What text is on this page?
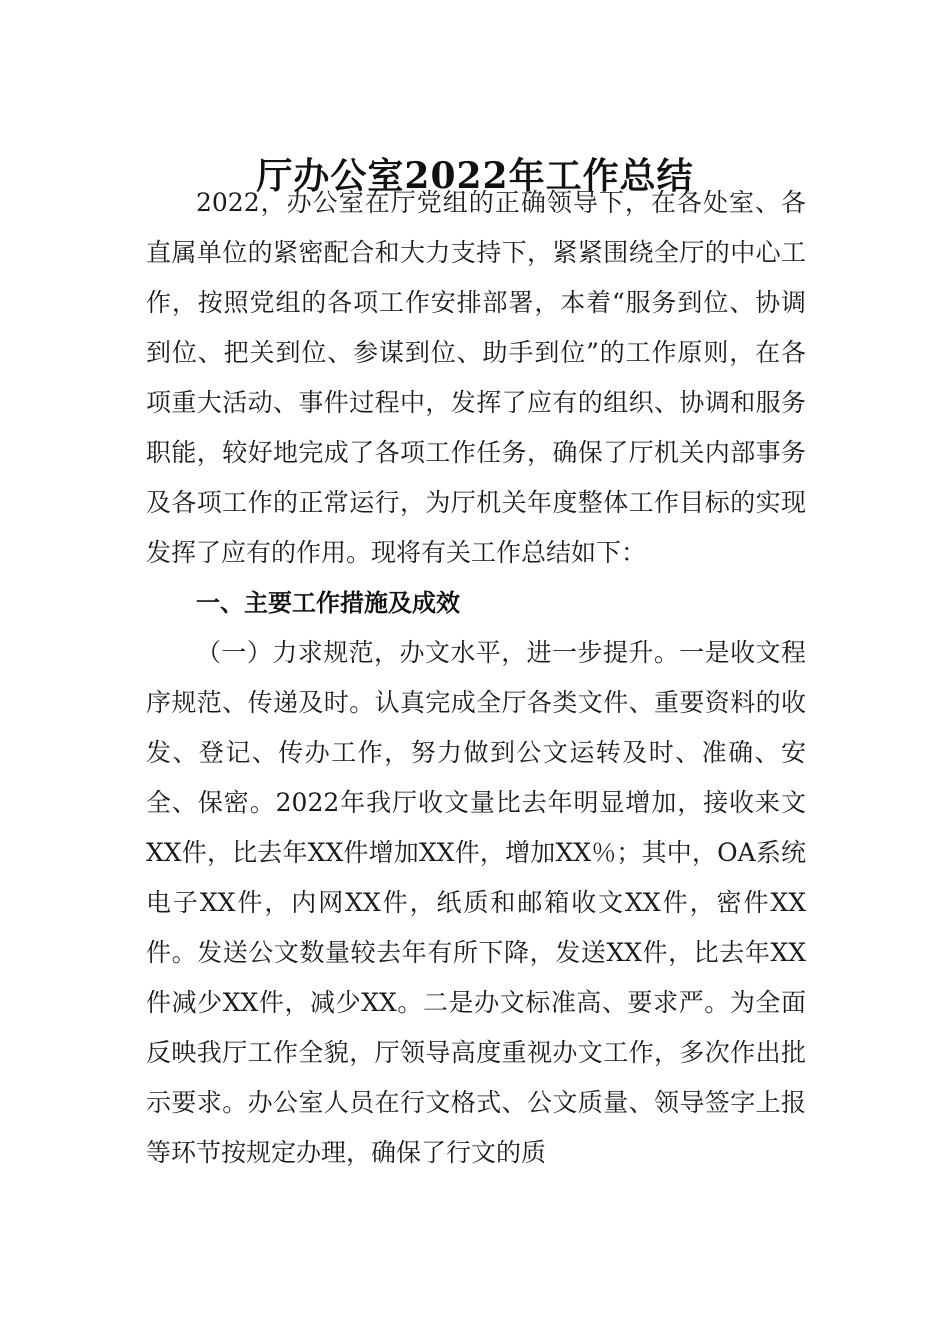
厅办公室2022年工作总结

2022，办公室在厅党组的正确领导下，在各处室、各直属单位的紧密配合和大力支持下，紧紧围绕全厅的中心工作，按照党组的各项工作安排部署，本着“服务到位、协调到位、把关到位、参谋到位、助手到位”的工作原则，在各项重大活动、事件过程中，发挥了应有的组织、协调和服务职能，较好地完成了各项工作任务，确保了厅机关内部事务及各项工作的正常运行，为厅机关年度整体工作目标的实现发挥了应有的作用。现将有关工作总结如下：

一、主要工作措施及成效

（一）力求规范，办文水平，进一步提升。一是收文程序规范、传递及时。认真完成全厅各类文件、重要资料的收发、登记、传办工作，努力做到公文运转及时、准确、安全、保密。2022年我厅收文量比去年明显增加，接收来文XX件，比去年XX件增加XX件，增加XX％；其中，OA系统电子XX件，内网XX件，纸质和邮箱收文XX件，密件XX件。发送公文数量较去年有所下降，发送XX件，比去年XX件减少XX件，减少XX。二是办文标准高、要求严。为全面反映我厅工作全貌，厅领导高度重视办文工作，多次作出批示要求。办公室人员在行文格式、公文质量、领导签字上报等环节按规定办理，确保了行文的质
